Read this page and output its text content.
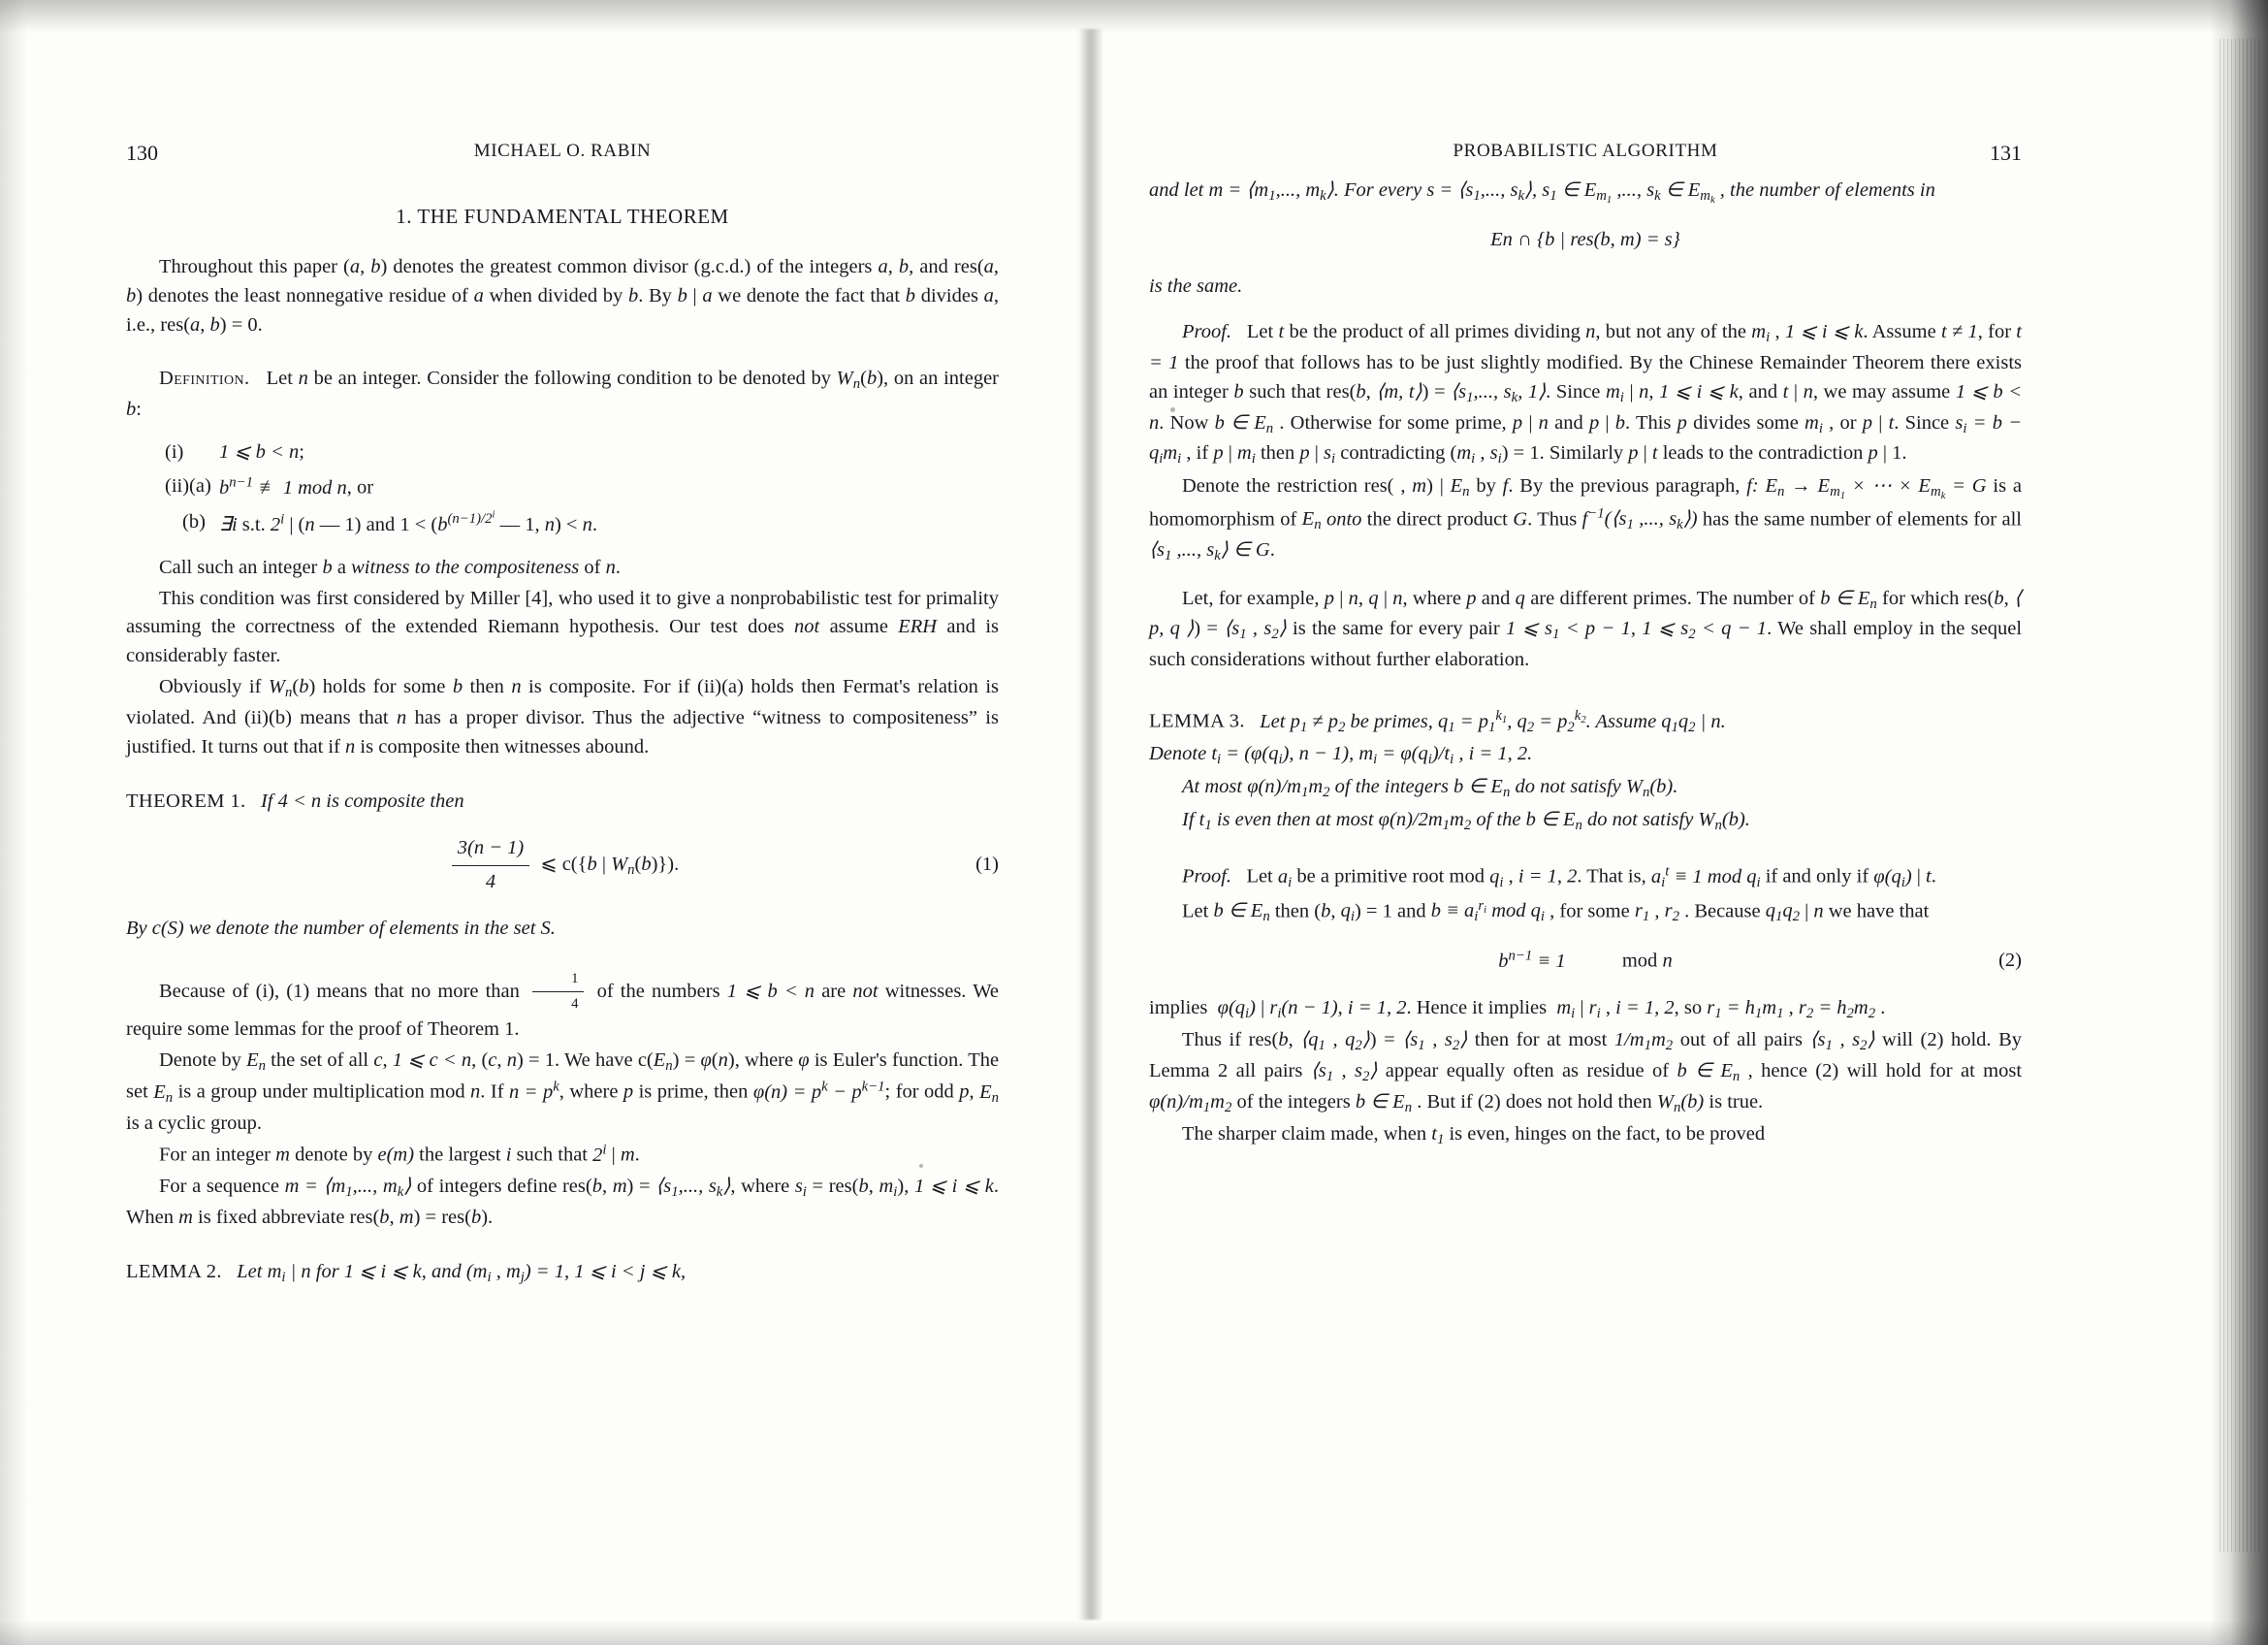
130	MICHAEL O. RABIN
1. THE FUNDAMENTAL THEOREM

Throughout this paper (a, b) denotes the greatest common divisor (g.c.d.) of the integers a, b, and res(a, b) denotes the least nonnegative residue of a when divided by b. By b | a we denote the fact that b divides a, i.e., res(a, b) = 0.

Definition.   Let n be an integer. Consider the following condition to be denoted by $W_n(b)$, on an integer b:

(i)	1 ⩽ b < n;
(ii)(a) $b^{n-1}$ ≢ 1 mod n, or
(b) ∃i s.t. 2$^i$ | (n — 1) and $1 < (b^{(n-1)/2^i}$ — 1, n) < n.

Call such an integer b a witness to the compositeness of n.

This condition was first considered by Miller [4], who used it to give a nonprobabilistic test for primality assuming the correctness of the extended Riemann hypothesis. Our test does not assume ERH and is considerably faster.

Obviously if $W_n(b)$ holds for some b then n is composite. For if (ii)(a) holds then Fermat's relation is violated. And (ii)(b) means that n has a proper divisor. Thus the adjective “witness to compositeness” is justified. It turns out that if n is composite then witnesses abound.

THEOREM 1. If 4 < n is composite then

$\frac{3(n - 1)}{4}$ ⩽ c({b | $W_n(b)$}).	(1)

By c(S) we denote the number of elements in the set S.

Because of (i), (1) means that no more than $\frac{1}{4}$ of the numbers 1 ⩽ b < n are not witnesses. We require some lemmas for the proof of Theorem 1.

Denote by $E_n$ the set of all c, 1 ⩽ c < n, (c, n) = 1. We have $c(E_n) = \varphi(n)$, where φ is Euler's function. The set $E_n$ is a group under multiplication mod n. If $n = p^k$, where p is prime, then $\varphi(n) = p^k - p^{k-1}$; for odd p, $E_n$ is a cyclic group.

For an integer m denote by e(m) the largest i such that 2$^i$ | m.

For a sequence $m = ⟨m_1$,..., $m_k⟩$ of integers define res(b, $m) = ⟨s_1$,..., $s_k⟩$, where $s_i = res(b$, $m_i$), 1 ⩽ i ⩽ k. When m is fixed abbreviate res(b, m) = res(b).

LEMMA 2. Let $m_i$ | n for 1 ⩽ i ⩽ k, and ($m_i$ , $m_j) = 1$, 1 ⩽ i < j ⩽ k,

PROBABILISTIC ALGORITHM	131

and let $m = ⟨m_1$,..., $m_k⟩$. For every $s = ⟨s_1$,..., $s_k⟩$, $s_1$ ∈ $E_{m_1}$ ,..., $s_k$ ∈ $E_{m_k}$ , the number of elements in

En ∩ {b | res(b, m) = s}

is the same.

Proof.   Let t be the product of all primes dividing n, but not any of the $m_i$ , 1 ⩽ i ⩽ k. Assume t ≠ 1, for t = 1 the proof that follows has to be just slightly modified. By the Chinese Remainder Theorem there exists an integer b such that res(b, ⟨m, t⟩) = $⟨s_1$,..., $s_k$, 1⟩. Since $m_i$ | n, 1 ⩽ i ⩽ k, and t | n, we may assume 1 ⩽ b < n. Now b ∈ $E_n$ . Otherwise for some prime, p | n and p | b. This p divides some $m_i$ , or p | t. Since $s_i = b - q_im_i$ , if p | $m_i$ then p | $s_i$ contradicting ($m_i$ , $s_i) = 1$. Similarly p | t leads to the contradiction p | 1.

Denote the restriction res( , m) | $E_n$ by f. By the previous paragraph, f: $E_n \to E_{m_1}$ × ⋯ × $E_{m_k} = G$ is a homomorphism of $E_n$ onto the direct product G. Thus $f^{-1}(⟨s_1$ ,..., $s_k⟩$) has the same number of elements for all $⟨s_1$ ,..., $s_k⟩$ ∈ G.

Let, for example, p | n, q | n, where p and q are different primes. The number of b ∈ $E_n$ for which res(b, ⟨ p, q ⟩) = $⟨s_1$ , $s_2⟩$ is the same for every pair 1 ⩽ $s_1 < p - 1$, 1 ⩽ $s_2 < q - 1$. We shall employ in the sequel such considerations without further elaboration.

LEMMA 3. Let $p_1 \ne p_2$ be primes, $q_1 = p_1^{k_1}$, $q_2 = p_2^{k_2}$. Assume $q_1q_2$ | n.

Denote $t_i = (\varphi(q_i)$, n − 1), $m_i = \varphi(q_i)/t_i$ , i = 1, 2.

At most $\varphi(n)/m_1m_2$ of the integers b ∈ $E_n$ do not satisfy $W_n(b)$.

If $t_1$ is even then at most $\varphi(n)/2m_1m_2$ of the b ∈ $E_n$ do not satisfy $W_n(b)$.

Proof.   Let $a_i$ be a primitive root mod $q_i$ , i = 1, 2. That is, $a_i^t \equiv 1$ mod $q_i$ if and only if $\varphi(q_i)$ | t.

Let b ∈ $E_n$ then (b, $q_i) = 1$ and $b \equiv a_i^{r_i}$ mod $q_i$ , for some $r_1$ , $r_2$ . Because $q_1q_2$ | n we have that

$b^{n-1} \equiv 1$	mod n	(2)

implies  $\varphi(q_i)$ | $r_i(n - 1)$, i = 1, 2. Hence it implies  $m_i$ | $r_i$ , i = 1, 2, so $r_1 = h_1m_1$ , $r_2 = h_2m_2$ .

Thus if res(b, $⟨q_1$ , $q_2⟩$) = $⟨s_1$ , $s_2⟩$ then for at most $1/m_1m_2$ out of all pairs $⟨s_1$ , $s_2⟩$ will (2) hold. By Lemma 2 all pairs $⟨s_1$ , $s_2⟩$ appear equally often as residue of b ∈ $E_n$ , hence (2) will hold for at most $\varphi(n)/m_1m_2$ of the integers b ∈ $E_n$ . But if (2) does not hold then $W_n(b)$ is true.

The sharper claim made, when $t_1$ is even, hinges on the fact, to be proved
